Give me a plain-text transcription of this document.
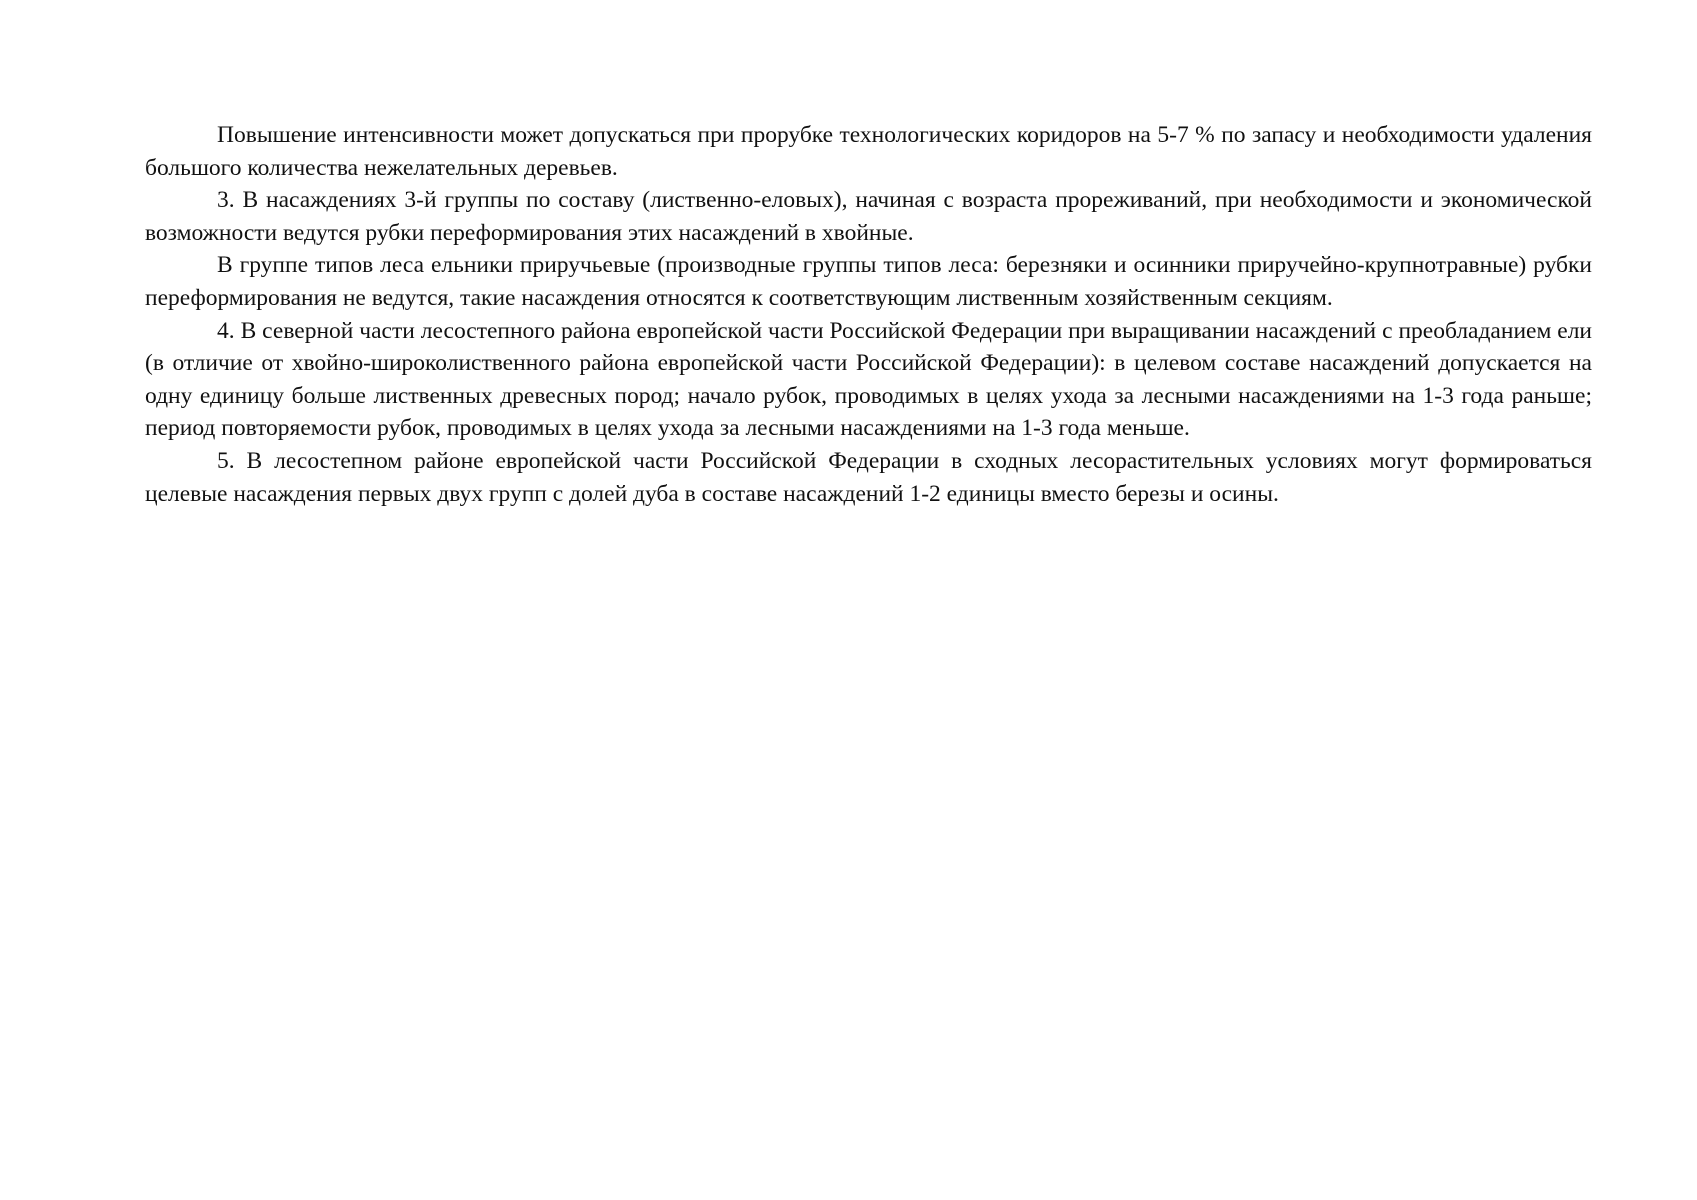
Повышение интенсивности может допускаться при прорубке технологических коридоров на 5-7 % по запасу и необходимости удаления большого количества нежелательных деревьев.

3. В насаждениях 3-й группы по составу (лиственно-еловых), начиная с возраста прореживаний, при необходимости и экономической возможности ведутся рубки переформирования этих насаждений в хвойные.

В группе типов леса ельники приручьевые (производные группы типов леса: березняки и осинники приручейно-крупнотравные) рубки переформирования не ведутся, такие насаждения относятся к соответствующим лиственным хозяйственным секциям.

4. В северной части лесостепного района европейской части Российской Федерации при выращивании насаждений с преобладанием ели (в отличие от хвойно-широколиственного района европейской части Российской Федерации): в целевом составе насаждений допускается на одну единицу больше лиственных древесных пород; начало рубок, проводимых в целях ухода за лесными насаждениями на 1-3 года раньше; период повторяемости рубок, проводимых в целях ухода за лесными насаждениями на 1-3 года меньше.

5. В лесостепном районе европейской части Российской Федерации в сходных лесорастительных условиях могут формироваться целевые насаждения первых двух групп с долей дуба в составе насаждений 1-2 единицы вместо березы и осины.
